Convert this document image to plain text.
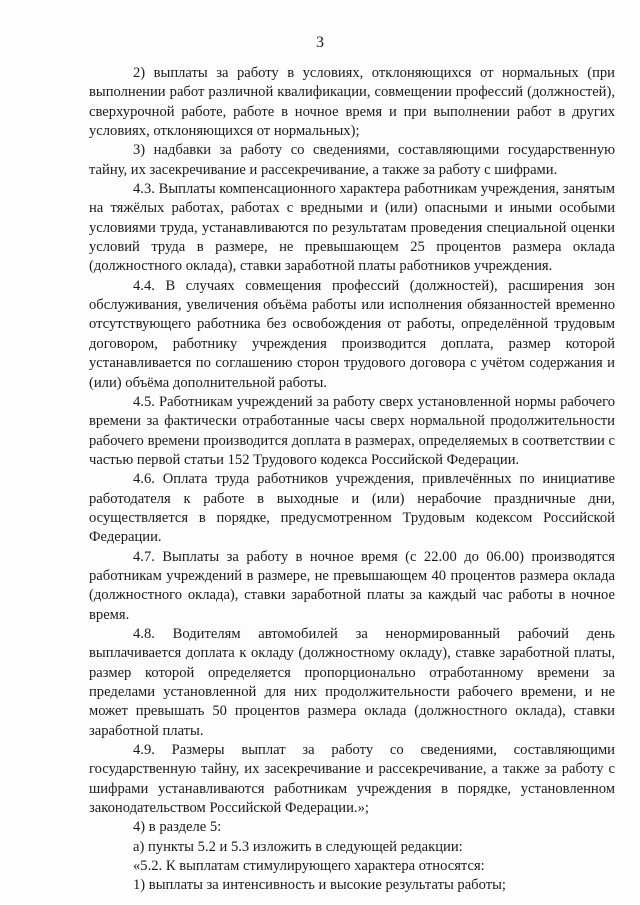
3

2) выплаты за работу в условиях, отклоняющихся от нормальных (при выполнении работ различной квалификации, совмещении профессий (должностей), сверхурочной работе, работе в ночное время и при выполнении работ в других условиях, отклоняющихся от нормальных);

3) надбавки за работу со сведениями, составляющими государственную тайну, их засекречивание и рассекречивание, а также за работу с шифрами.

4.3. Выплаты компенсационного характера работникам учреждения, занятым на тяжёлых работах, работах с вредными и (или) опасными и иными особыми условиями труда, устанавливаются по результатам проведения специальной оценки условий труда в размере, не превышающем 25 процентов размера оклада (должностного оклада), ставки заработной платы работников учреждения.

4.4. В случаях совмещения профессий (должностей), расширения зон обслуживания, увеличения объёма работы или исполнения обязанностей временно отсутствующего работника без освобождения от работы, определённой трудовым договором, работнику учреждения производится доплата, размер которой устанавливается по соглашению сторон трудового договора с учётом содержания и (или) объёма дополнительной работы.

4.5. Работникам учреждений за работу сверх установленной нормы рабочего времени за фактически отработанные часы сверх нормальной продолжительности рабочего времени производится доплата в размерах, определяемых в соответствии с частью первой статьи 152 Трудового кодекса Российской Федерации.

4.6. Оплата труда работников учреждения, привлечённых по инициативе работодателя к работе в выходные и (или) нерабочие праздничные дни, осуществляется в порядке, предусмотренном Трудовым кодексом Российской Федерации.

4.7. Выплаты за работу в ночное время (с 22.00 до 06.00) производятся работникам учреждений в размере, не превышающем 40 процентов размера оклада (должностного оклада), ставки заработной платы за каждый час работы в ночное время.

4.8. Водителям автомобилей за ненормированный рабочий день выплачивается доплата к окладу (должностному окладу), ставке заработной платы, размер которой определяется пропорционально отработанному времени за пределами установленной для них продолжительности рабочего времени, и не может превышать 50 процентов размера оклада (должностного оклада), ставки заработной платы.

4.9. Размеры выплат за работу со сведениями, составляющими государственную тайну, их засекречивание и рассекречивание, а также за работу с шифрами устанавливаются работникам учреждения в порядке, установленном законодательством Российской Федерации.»;

4) в разделе 5:

а) пункты 5.2 и 5.3 изложить в следующей редакции:

«5.2. К выплатам стимулирующего характера относятся:

1) выплаты за интенсивность и высокие результаты работы;
